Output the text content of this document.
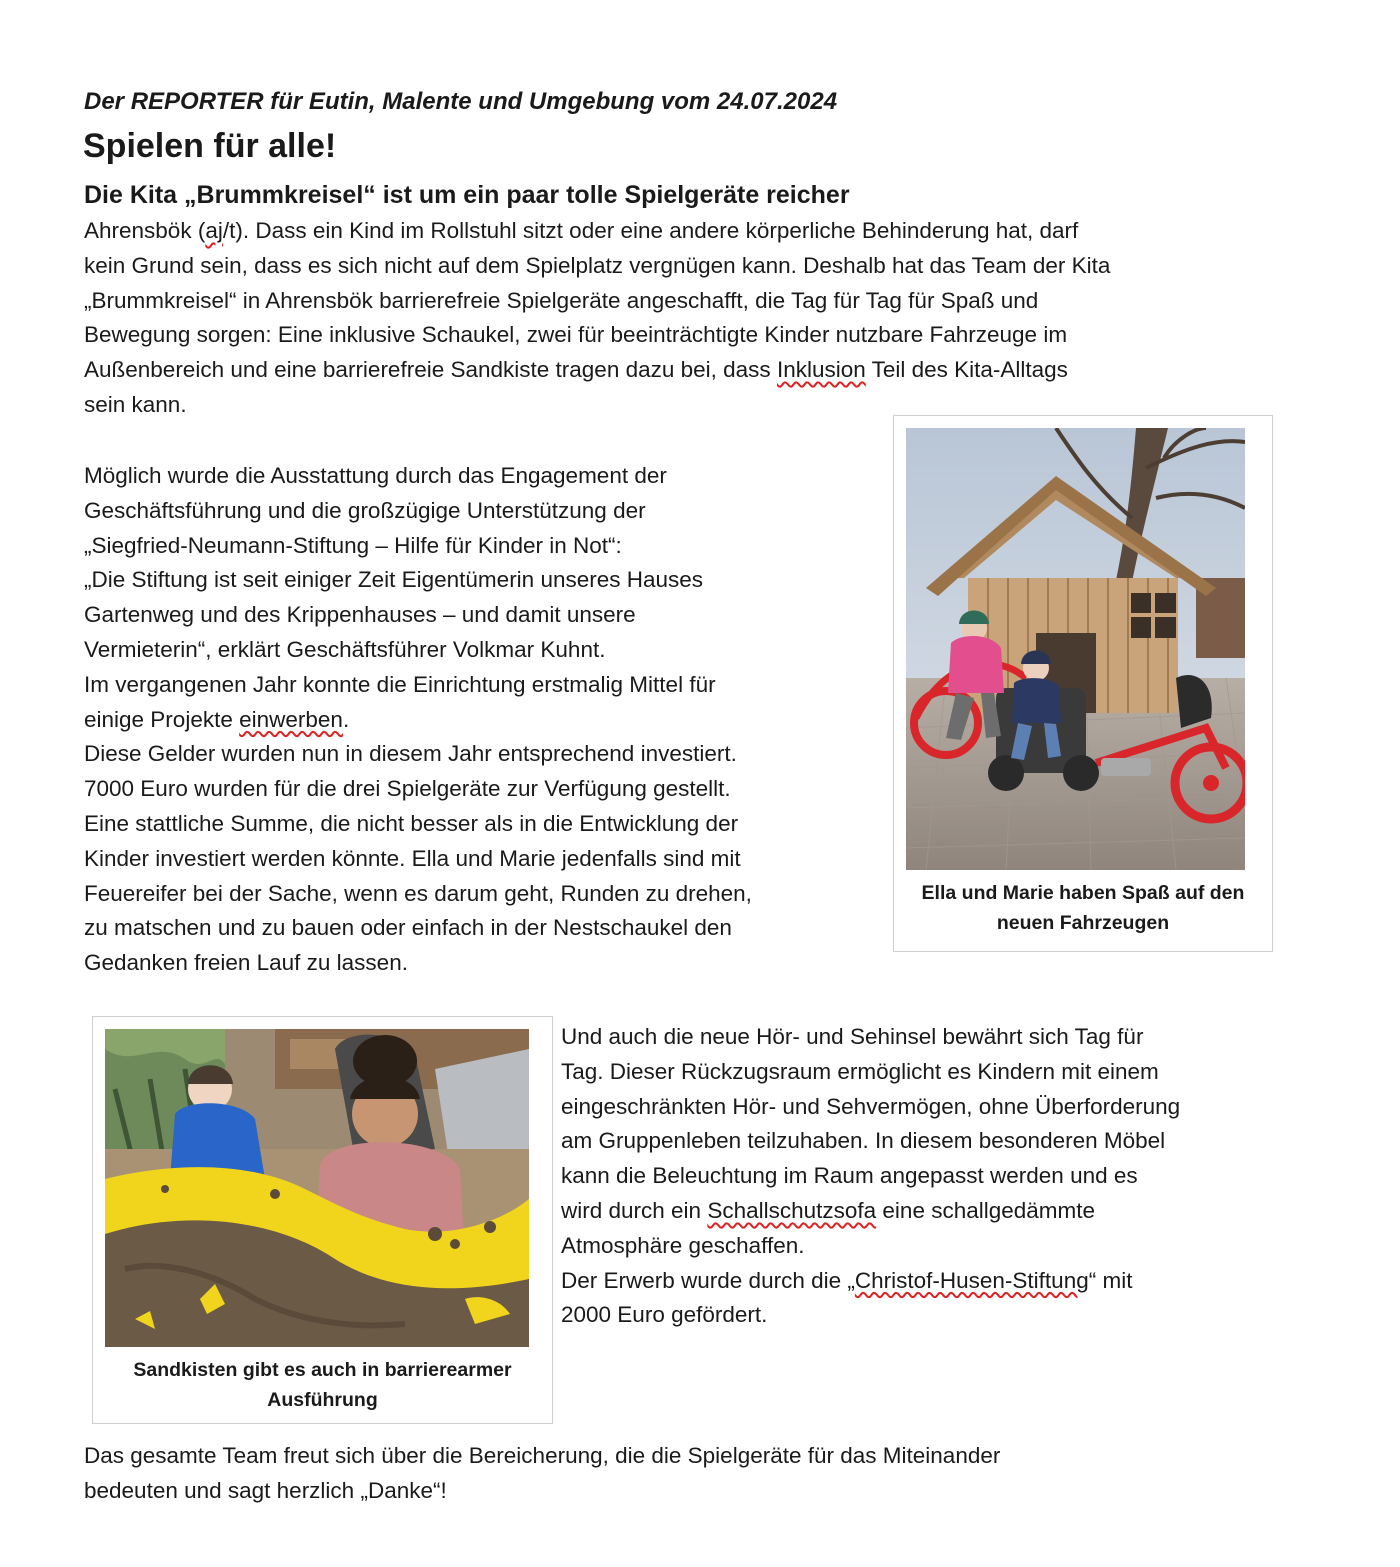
Der REPORTER für Eutin, Malente und Umgebung vom 24.07.2024
Spielen für alle!
Die Kita „Brummkreisel“ ist um ein paar tolle Spielgeräte reicher
Ahrensbök (aj/t). Dass ein Kind im Rollstuhl sitzt oder eine andere körperliche Behinderung hat, darf
kein Grund sein, dass es sich nicht auf dem Spielplatz vergnügen kann. Deshalb hat das Team der Kita
„Brummkreisel“ in Ahrensbök barrierefreie Spielgeräte angeschafft, die Tag für Tag für Spaß und
Bewegung sorgen: Eine inklusive Schaukel, zwei für beeinträchtigte Kinder nutzbare Fahrzeuge im
Außenbereich und eine barrierefreie Sandkiste tragen dazu bei, dass Inklusion Teil des Kita-Alltags
sein kann.
Möglich wurde die Ausstattung durch das Engagement der
Geschäftsführung und die großzügige Unterstützung der
„Siegfried-Neumann-Stiftung – Hilfe für Kinder in Not“:
„Die Stiftung ist seit einiger Zeit Eigentümerin unseres Hauses
Gartenweg und des Krippenhauses – und damit unsere
Vermieterin“, erklärt Geschäftsführer Volkmar Kuhnt.
Im vergangenen Jahr konnte die Einrichtung erstmalig Mittel für
einige Projekte einwerben.
Diese Gelder wurden nun in diesem Jahr entsprechend investiert.
7000 Euro wurden für die drei Spielgeräte zur Verfügung gestellt.
Eine stattliche Summe, die nicht besser als in die Entwicklung der
Kinder investiert werden könnte. Ella und Marie jedenfalls sind mit
Feuereifer bei der Sache, wenn es darum geht, Runden zu drehen,
zu matschen und zu bauen oder einfach in der Nestschaukel den
Gedanken freien Lauf zu lassen.
Und auch die neue Hör- und Sehinsel bewährt sich Tag für
Tag. Dieser Rückzugsraum ermöglicht es Kindern mit einem
eingeschränkten Hör- und Sehvermögen, ohne Überforderung
am Gruppenleben teilzuhaben. In diesem besonderen Möbel
kann die Beleuchtung im Raum angepasst werden und es
wird durch ein Schallschutzsofa eine schallgedämmte
Atmosphäre geschaffen.
Der Erwerb wurde durch die „Christof-Husen-Stiftung“ mit
2000 Euro gefördert.
Das gesamte Team freut sich über die Bereicherung, die die Spielgeräte für das Miteinander
bedeuten und sagt herzlich „Danke“!
Ella und Marie haben Spaß auf den
neuen Fahrzeugen
Sandkisten gibt es auch in barrierearmer
Ausführung
